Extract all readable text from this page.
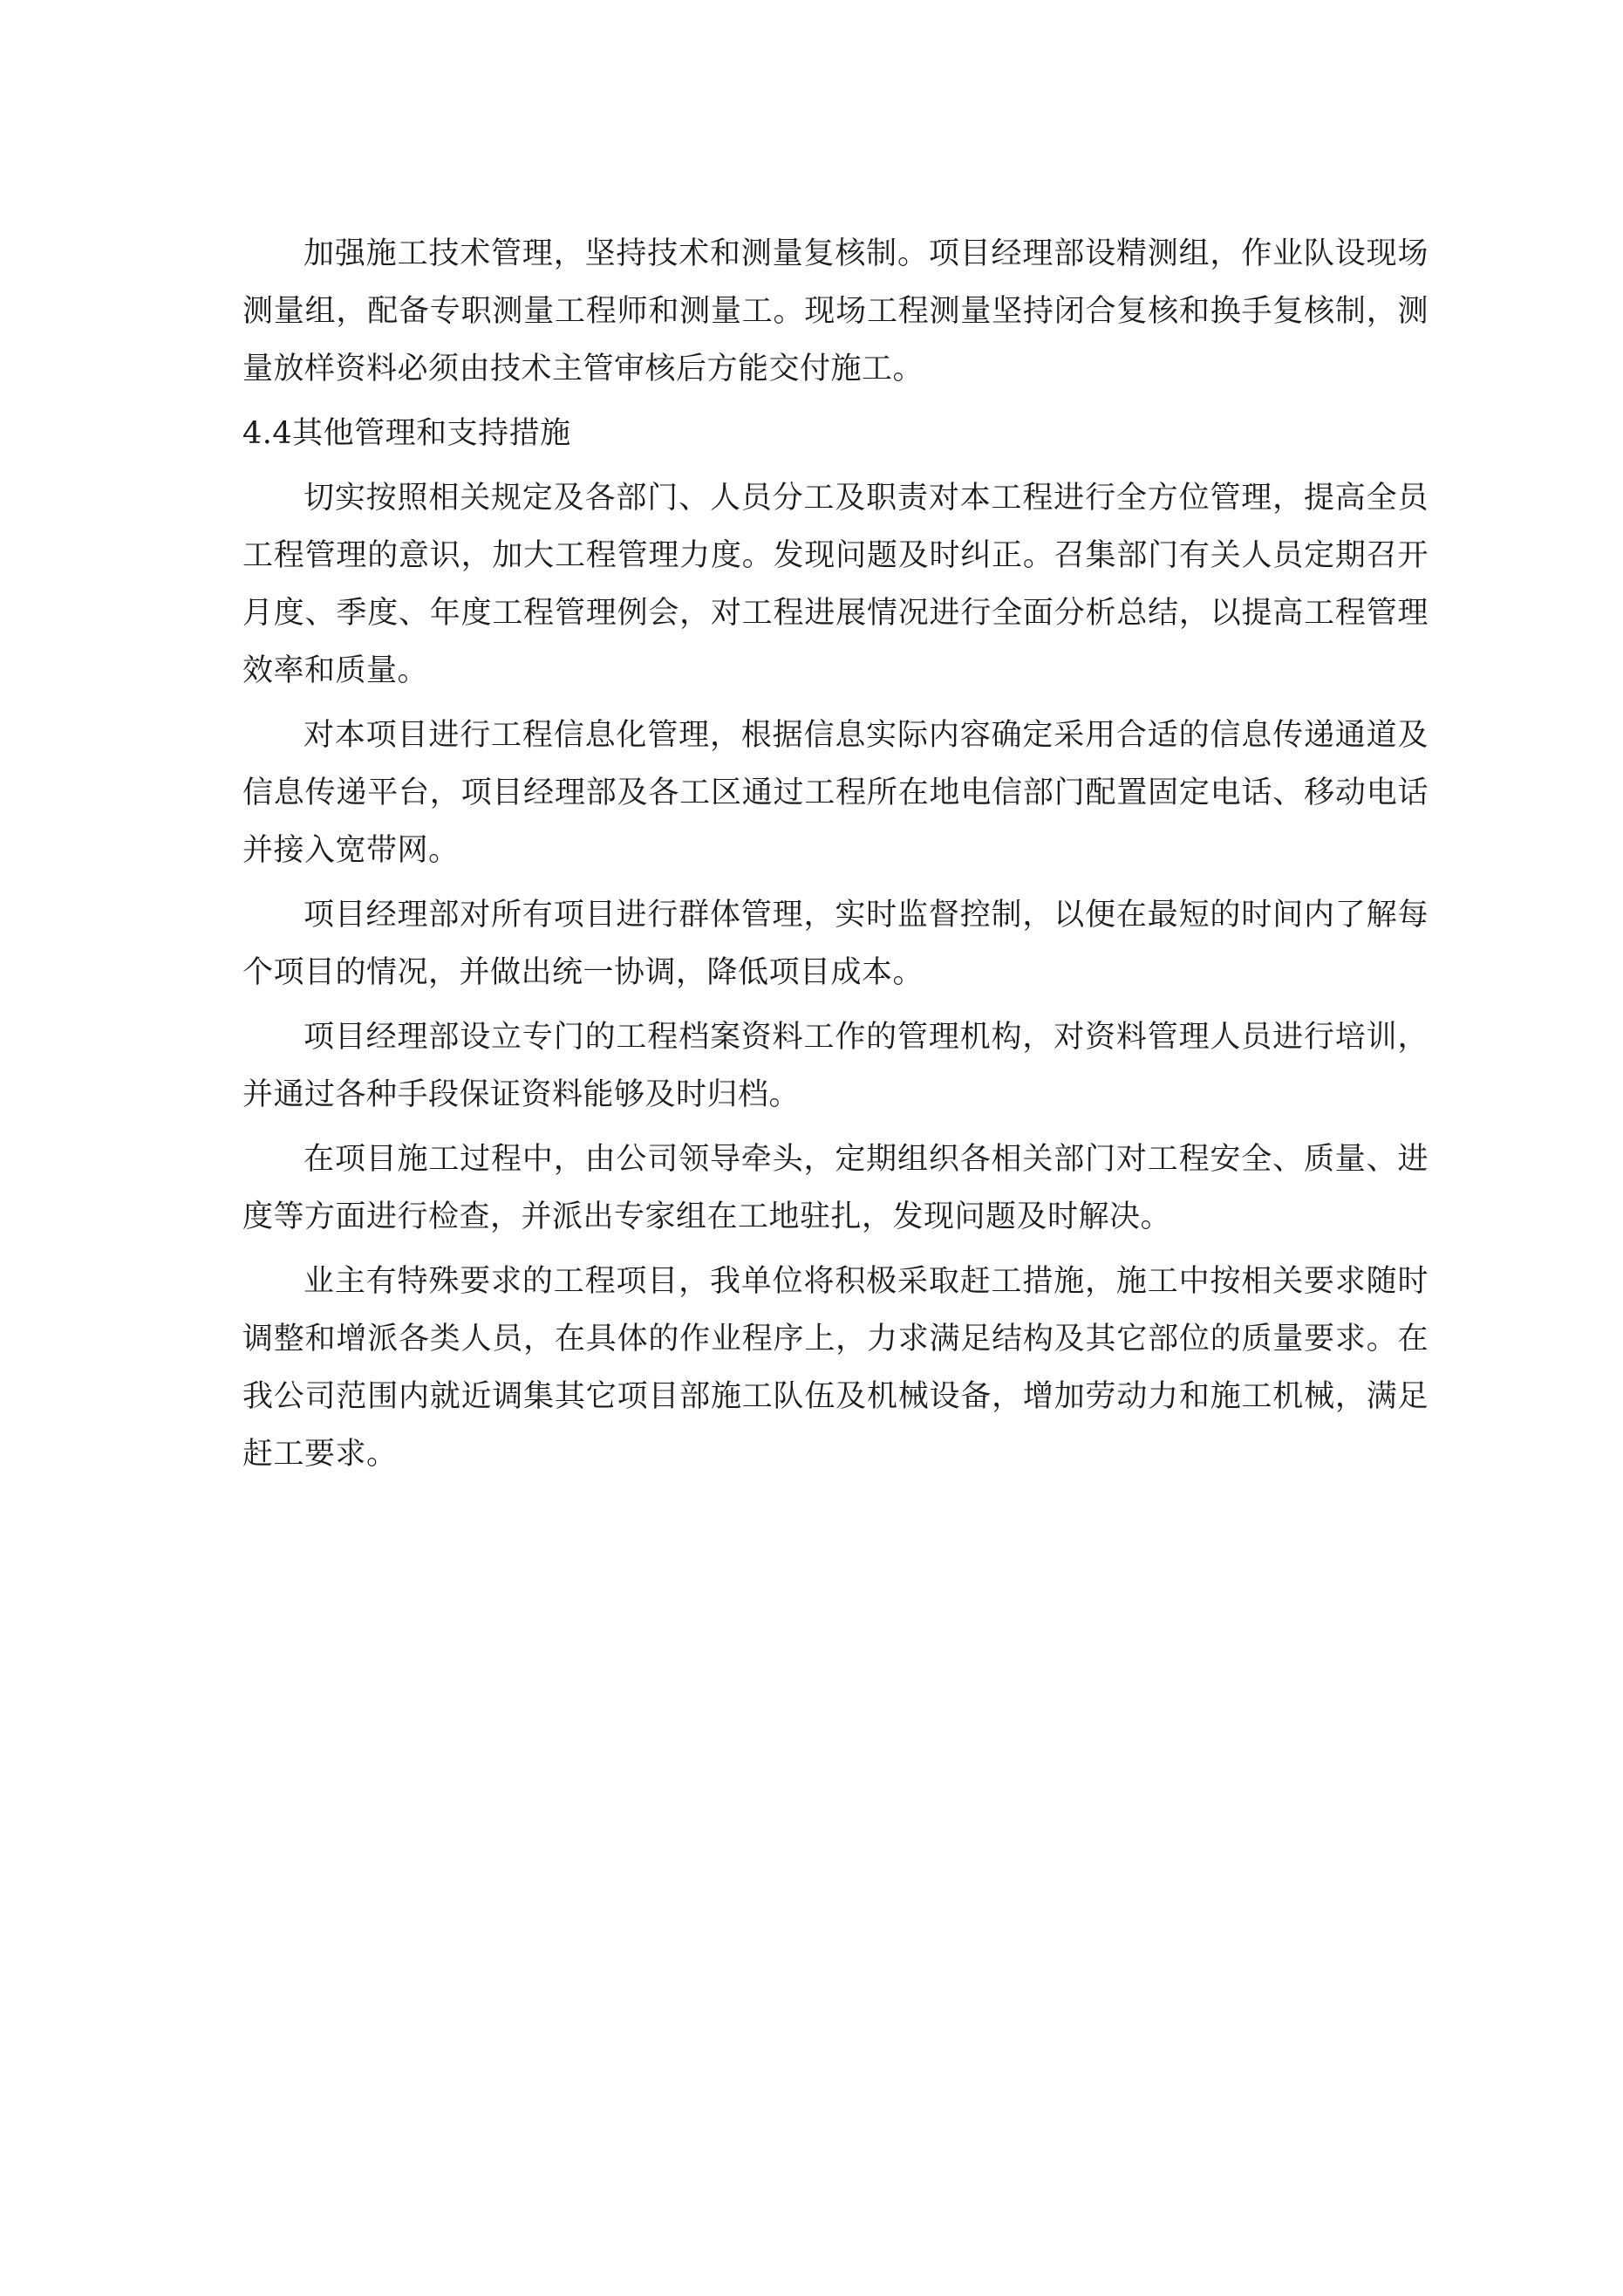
加强施工技术管理，坚持技术和测量复核制。项目经理部设精测组，作业队设现场测量组，配备专职测量工程师和测量工。现场工程测量坚持闭合复核和换手复核制，测量放样资料必须由技术主管审核后方能交付施工。

4.4其他管理和支持措施

切实按照相关规定及各部门、人员分工及职责对本工程进行全方位管理，提高全员工程管理的意识，加大工程管理力度。发现问题及时纠正。召集部门有关人员定期召开月度、季度、年度工程管理例会，对工程进展情况进行全面分析总结，以提高工程管理效率和质量。

对本项目进行工程信息化管理，根据信息实际内容确定采用合适的信息传递通道及信息传递平台，项目经理部及各工区通过工程所在地电信部门配置固定电话、移动电话并接入宽带网。

项目经理部对所有项目进行群体管理，实时监督控制，以便在最短的时间内了解每个项目的情况，并做出统一协调，降低项目成本。

项目经理部设立专门的工程档案资料工作的管理机构，对资料管理人员进行培训，并通过各种手段保证资料能够及时归档。

在项目施工过程中，由公司领导牵头，定期组织各相关部门对工程安全、质量、进度等方面进行检查，并派出专家组在工地驻扎，发现问题及时解决。

业主有特殊要求的工程项目，我单位将积极采取赶工措施，施工中按相关要求随时调整和增派各类人员，在具体的作业程序上，力求满足结构及其它部位的质量要求。在我公司范围内就近调集其它项目部施工队伍及机械设备，增加劳动力和施工机械，满足赶工要求。
